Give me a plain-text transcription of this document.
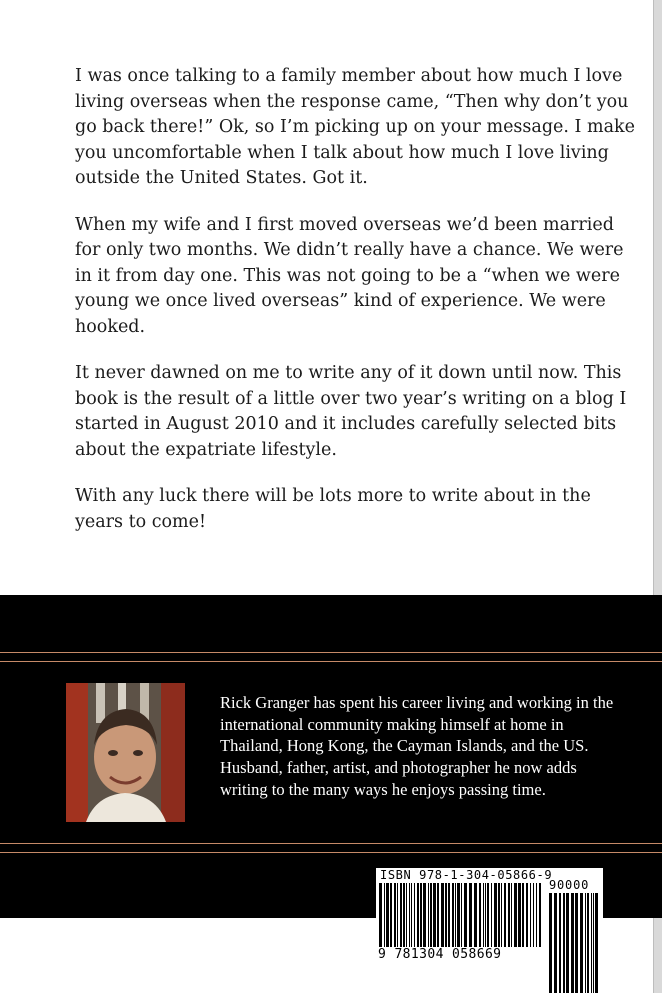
I was once talking to a family member about how much I love living overseas when the response came, “Then why don’t you go back there!” Ok, so I’m picking up on your message. I make you uncomfortable when I talk about how much I love living outside the United States. Got it.

When my wife and I first moved overseas we’d been married for only two months. We didn’t really have a chance. We were in it from day one. This was not going to be a “when we were young we once lived overseas” kind of experience. We were hooked.

It never dawned on me to write any of it down until now. This book is the result of a little over two year’s writing on a blog I started in August 2010 and it includes carefully selected bits about the expatriate lifestyle.

With any luck there will be lots more to write about in the years to come!

Rick Granger has spent his career living and working in the international community making himself at home in Thailand, Hong Kong, the Cayman Islands, and the US. Husband, father, artist, and photographer he now adds writing to the many ways he enjoys passing time.
ISBN 978-1-304-05866-9
90000
9 781304 058669
